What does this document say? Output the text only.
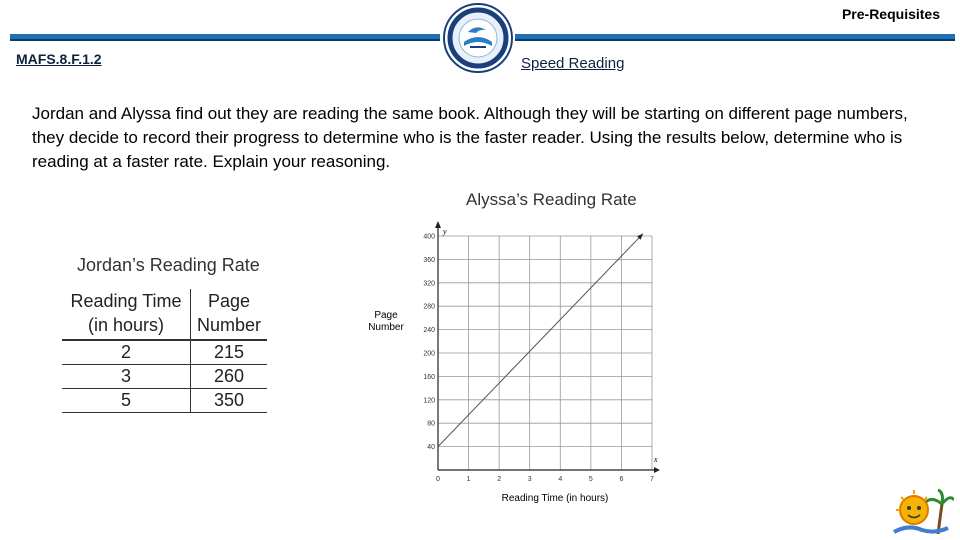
Pre-Requisites
MAFS.8.F.1.2	Speed Reading
Jordan and Alyssa find out they are reading the same book. Although they will be starting on different page numbers, they decide to record their progress to determine who is the faster reader. Using the results below, determine who is reading at a faster rate. Explain your reasoning.
Jordan’s Reading Rate
Reading Time (in hours)	Page Number
2	215
3	260
5	350
Alyssa’s Reading Rate
0	1	2	3	4	5	6	7
40
80
120
160
200
240
280
320
360
400
Page
Number
Reading Time (in hours)
y
x
